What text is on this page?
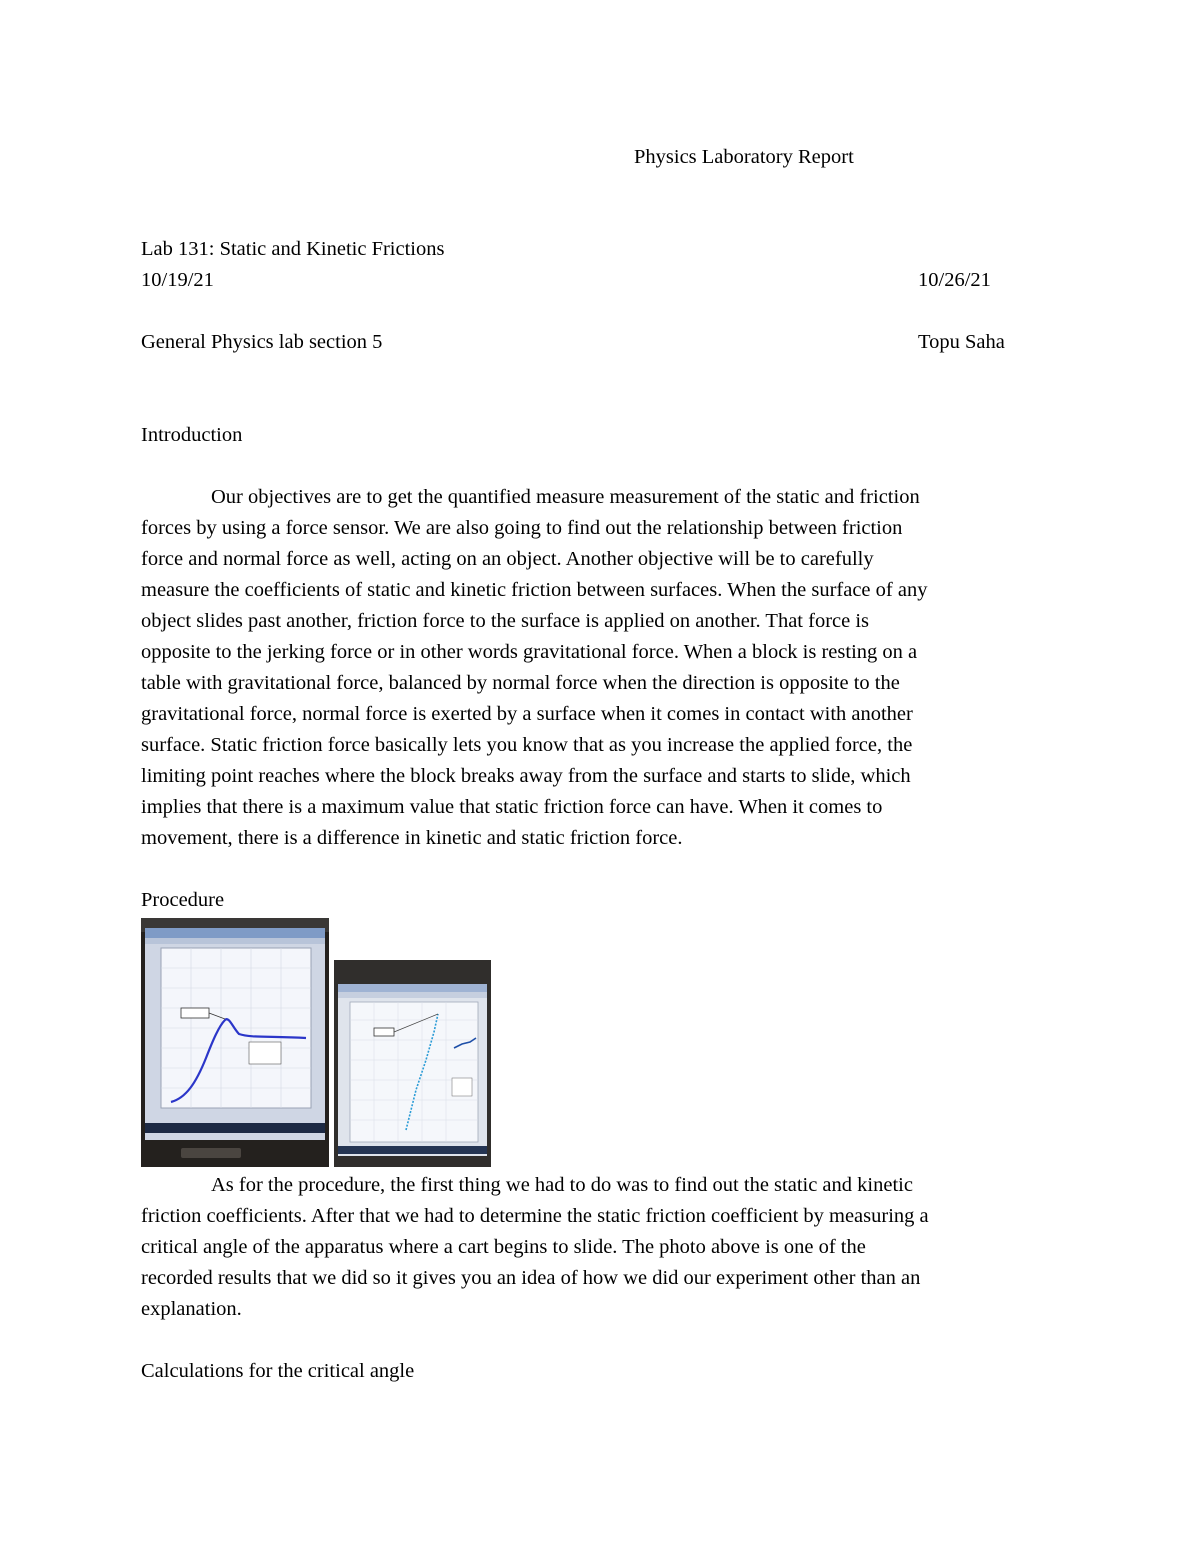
Physics Laboratory Report
Lab 131: Static and Kinetic Frictions
10/19/21	10/26/21
General Physics lab section 5	Topu Saha
Introduction
Our objectives are to get the quantified measure measurement of the static and friction
forces by using a force sensor. We are also going to find out the relationship between friction
force and normal force as well, acting on an object. Another objective will be to carefully
measure the coefficients of static and kinetic friction between surfaces. When the surface of any
object slides past another, friction force to the surface is applied on another. That force is
opposite to the jerking force or in other words gravitational force. When a block is resting on a
table with gravitational force, balanced by normal force when the direction is opposite to the
gravitational force, normal force is exerted by a surface when it comes in contact with another
surface. Static friction force basically lets you know that as you increase the applied force, the
limiting point reaches where the block breaks away from the surface and starts to slide, which
implies that there is a maximum value that static friction force can have. When it comes to
movement, there is a difference in kinetic and static friction force.
Procedure
As for the procedure, the first thing we had to do was to find out the static and kinetic
friction coefficients. After that we had to determine the static friction coefficient by measuring a
critical angle of the apparatus where a cart begins to slide. The photo above is one of the
recorded results that we did so it gives you an idea of how we did our experiment other than an
explanation.
Calculations for the critical angle
